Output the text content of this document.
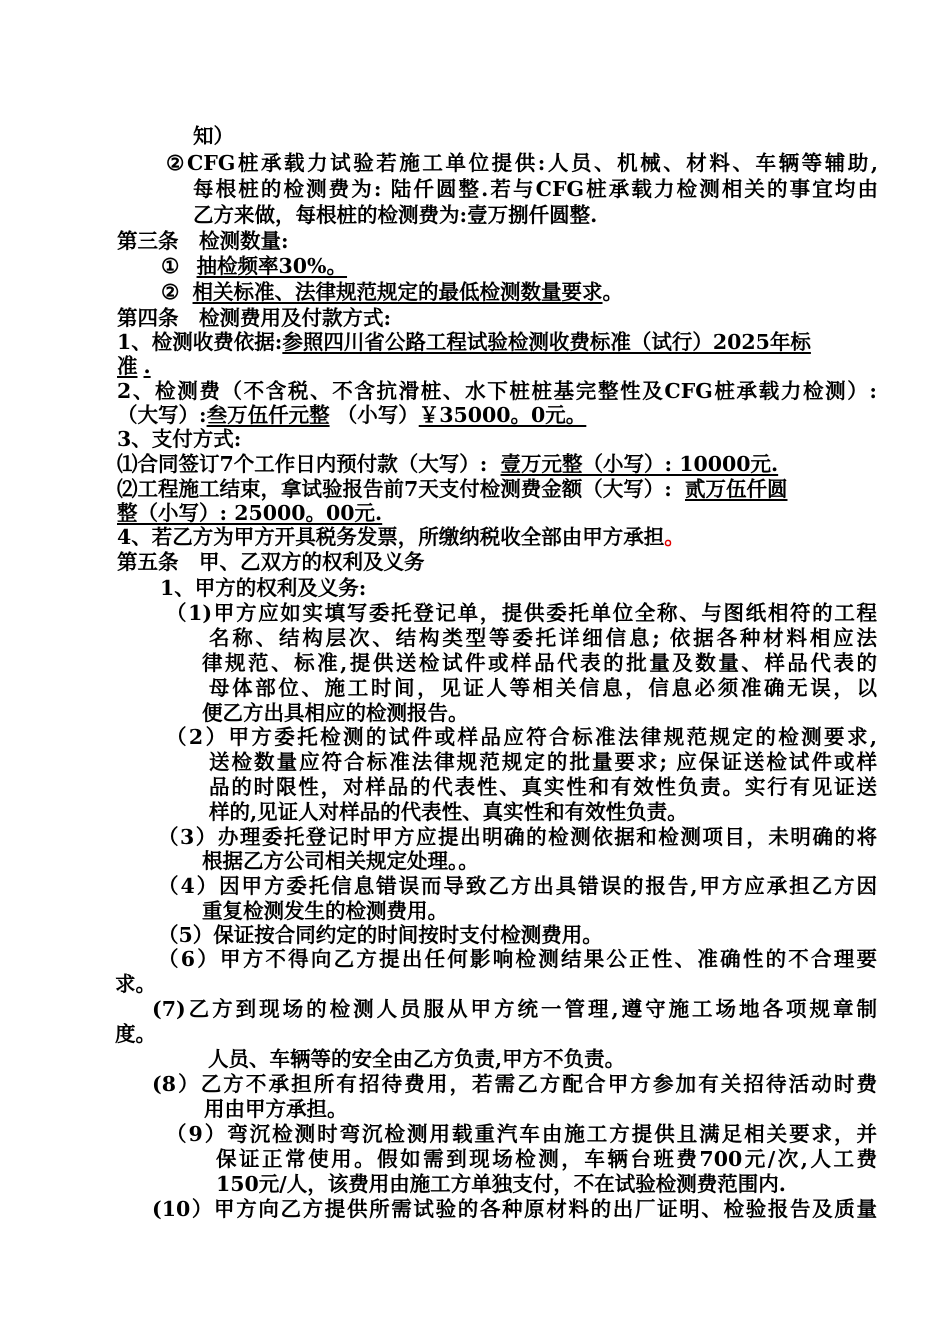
知）
②CFG桩承载力试验若施工单位提供:人员、机械、材料、车辆等辅助,
每根桩的检测费为: 陆仟圆整.若与CFG桩承载力检测相关的事宜均由
乙方来做，每根桩的检测费为:壹万捌仟圆整.
第三条　检测数量:
① 抽检频率30%。
② 相关标准、法律规范规定的最低检测数量要求。
第四条　检测费用及付款方式:
1、检测收费依据:参照四川省公路工程试验检测收费标准（试行）2025年标
准 .
2、检测费（不含税、不含抗滑桩、水下桩桩基完整性及CFG桩承载力检测）:
（大写）:叁万伍仟元整 （小写）￥35000。0元。
3、支付方式:
⑴合同签订7个工作日内预付款（大写）: 壹万元整（小写）: 10000元.
⑵工程施工结束，拿试验报告前7天支付检测费金额（大写）: 贰万伍仟圆
整（小写）: 25000。00元.
4、若乙方为甲方开具税务发票，所缴纳税收全部由甲方承担。
第五条　甲、乙双方的权利及义务
1、甲方的权利及义务:
（1)甲方应如实填写委托登记单，提供委托单位全称、与图纸相符的工程
名称、结构层次、结构类型等委托详细信息; 依据各种材料相应法
律规范、标准,提供送检试件或样品代表的批量及数量、样品代表的
母体部位、施工时间，见证人等相关信息，信息必须准确无误，以
便乙方出具相应的检测报告。
（2）甲方委托检测的试件或样品应符合标准法律规范规定的检测要求,
送检数量应符合标准法律规范规定的批量要求; 应保证送检试件或样
品的时限性，对样品的代表性、真实性和有效性负责。实行有见证送
样的,见证人对样品的代表性、真实性和有效性负责。
（3）办理委托登记时甲方应提出明确的检测依据和检测项目，未明确的将
根据乙方公司相关规定处理。。
（4）因甲方委托信息错误而导致乙方出具错误的报告,甲方应承担乙方因
重复检测发生的检测费用。
（5）保证按合同约定的时间按时支付检测费用。
（6）甲方不得向乙方提出任何影响检测结果公正性、准确性的不合理要
求。
(7)乙方到现场的检测人员服从甲方统一管理,遵守施工场地各项规章制
度。
人员、车辆等的安全由乙方负责,甲方不负责。
(8）乙方不承担所有招待费用，若需乙方配合甲方参加有关招待活动时费
用由甲方承担。
（9）弯沉检测时弯沉检测用载重汽车由施工方提供且满足相关要求，并
保证正常使用。假如需到现场检测，车辆台班费700元/次,人工费
150元/人，该费用由施工方单独支付，不在试验检测费范围内.
(10）甲方向乙方提供所需试验的各种原材料的出厂证明、检验报告及质量
